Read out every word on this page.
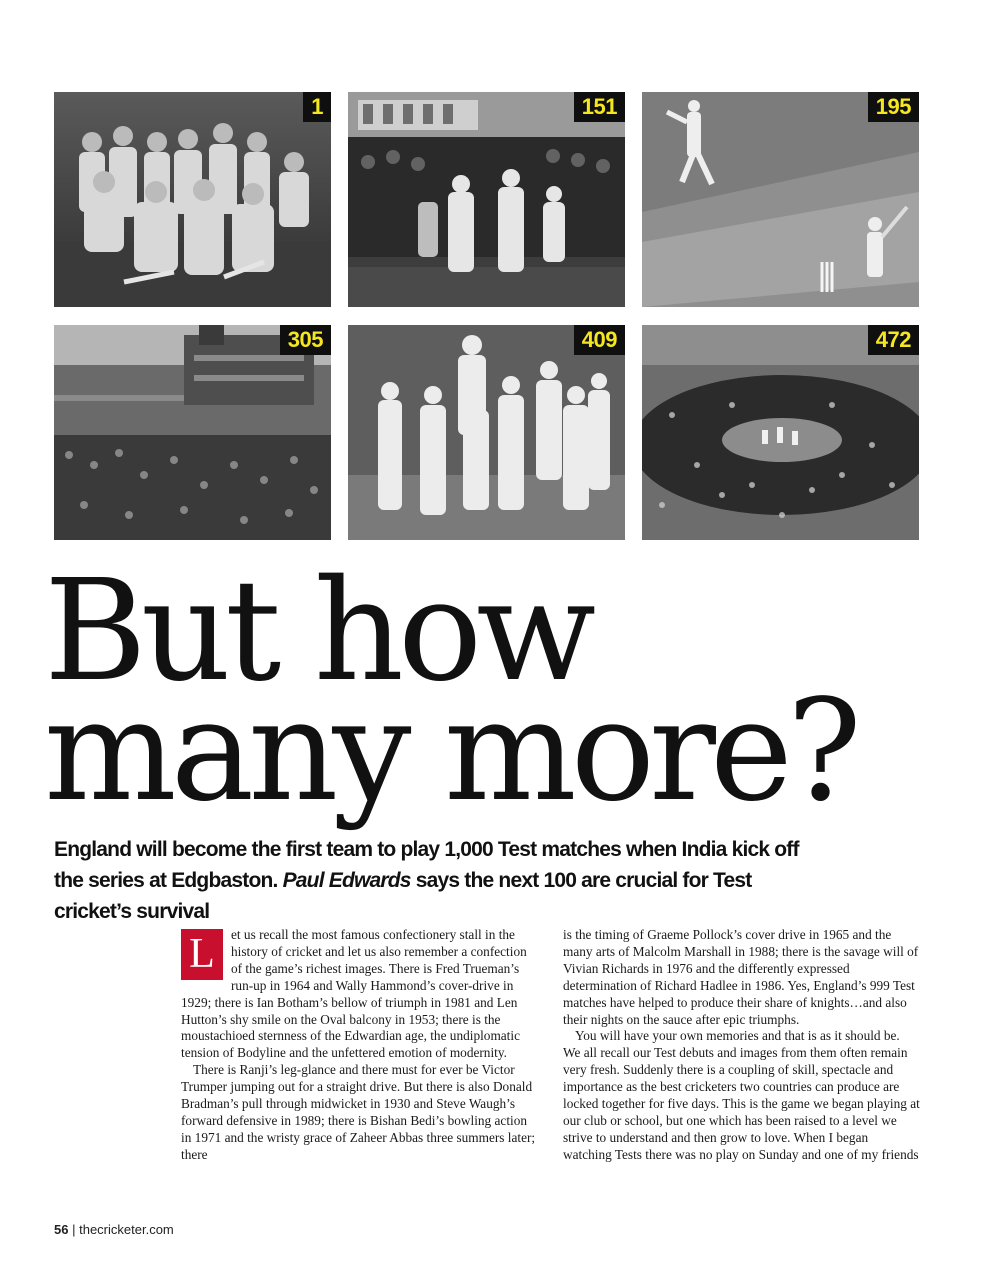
1	151	195
305	409	472
But how
many more?

England will become the first team to play 1,000 Test matches when India kick off the series at Edgbaston. Paul Edwards says the next 100 are crucial for Test cricket’s survival

L	et us recall the most famous confectionery stall in the history of cricket and let us also remember a confection of the game’s richest images. There is Fred Trueman’s run-up in 1964 and Wally Hammond’s cover-drive in 1929; there is Ian Botham’s bellow of triumph in 1981 and Len Hutton’s shy smile on the Oval balcony in 1953; there is the moustachioed sternness of the Edwardian age, the undiplomatic tension of Bodyline and the unfettered emotion of modernity.

There is Ranji’s leg-glance and there must for ever be Victor Trumper jumping out for a straight drive. But there is also Donald Bradman’s pull through midwicket in 1930 and Steve Waugh’s forward defensive in 1989; there is Bishan Bedi’s bowling action in 1971 and the wristy grace of Zaheer Abbas three summers later; there

is the timing of Graeme Pollock’s cover drive in 1965 and the many arts of Malcolm Marshall in 1988; there is the savage will of Vivian Richards in 1976 and the differently expressed determination of Richard Hadlee in 1986. Yes, England’s 999 Test matches have helped to produce their share of knights…and also their nights on the sauce after epic triumphs.

You will have your own memories and that is as it should be. We all recall our Test debuts and images from them often remain very fresh. Suddenly there is a coupling of skill, spectacle and importance as the best cricketers two countries can produce are locked together for five days. This is the game we began playing at our club or school, but one which has been raised to a level we strive to understand and then grow to love. When I began watching Tests there was no play on Sunday and one of my friends

56 | thecricketer.com
